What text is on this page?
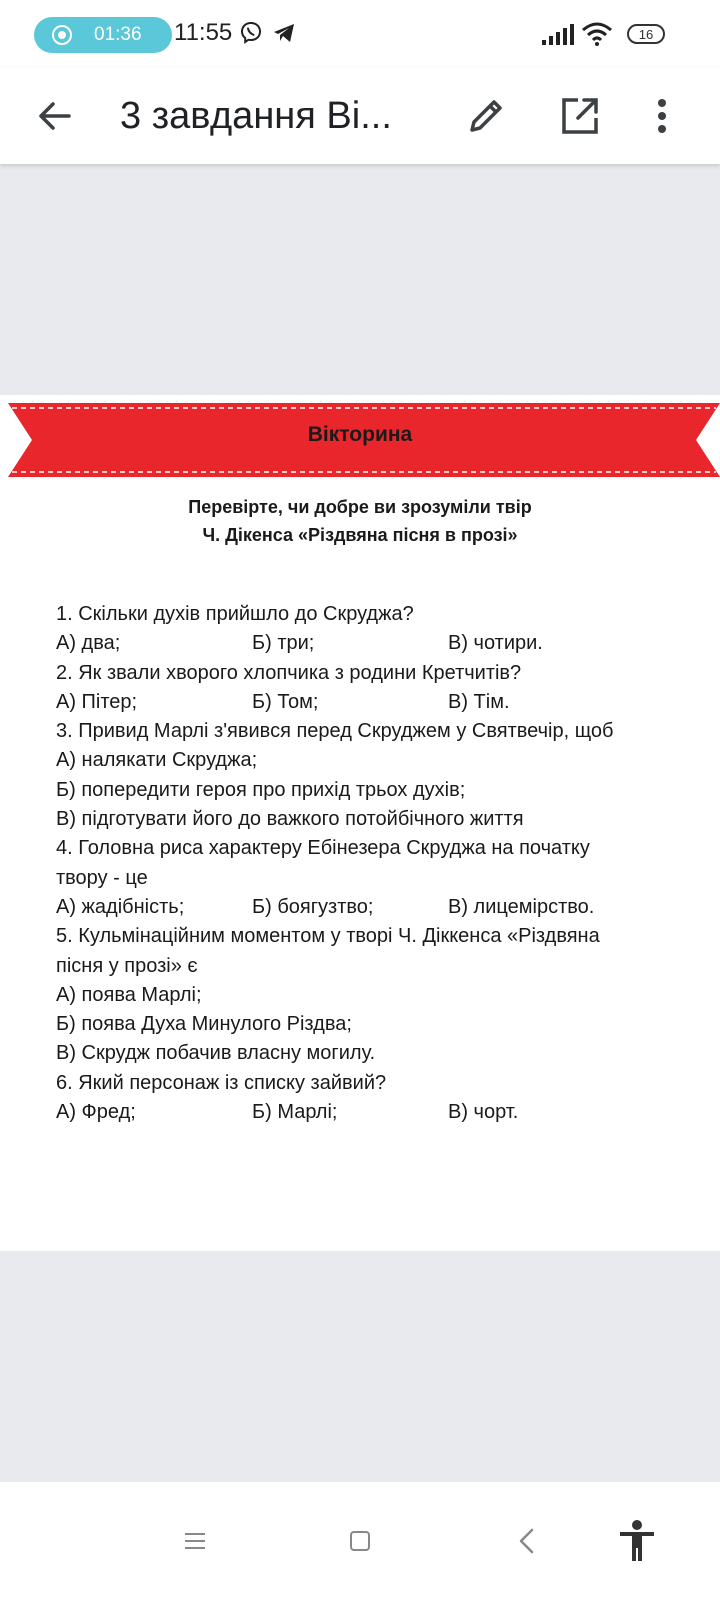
01:36 11:55	16
3 завдання Ві...
Вікторина
Перевірте, чи добре ви зрозуміли твір
Ч. Дікенса «Різдвяна пісня в прозі»
1. Скільки духів прийшло до Скруджа?
А) два;	Б) три;	В) чотири.
2. Як звали хворого хлопчика з родини Кретчитів?
А) Пітер;	Б) Том;	В) Тім.
3. Привид Марлі з'явився перед Скруджем у Святвечір, щоб
А) налякати Скруджа;
Б) попередити героя про прихід трьох духів;
В) підготувати його до важкого потойбічного життя
4. Головна риса характеру Ебінезера Скруджа на початку
твору - це
А) жадібність;	Б) боягузтво;	В) лицемірство.
5. Кульмінаційним моментом у творі Ч. Діккенса «Різдвяна
пісня у прозі» є
А) поява Марлі;
Б) поява Духа Минулого Різдва;
В) Скрудж побачив власну могилу.
6. Який персонаж із списку зайвий?
А) Фред;	Б) Марлі;	В) чорт.
